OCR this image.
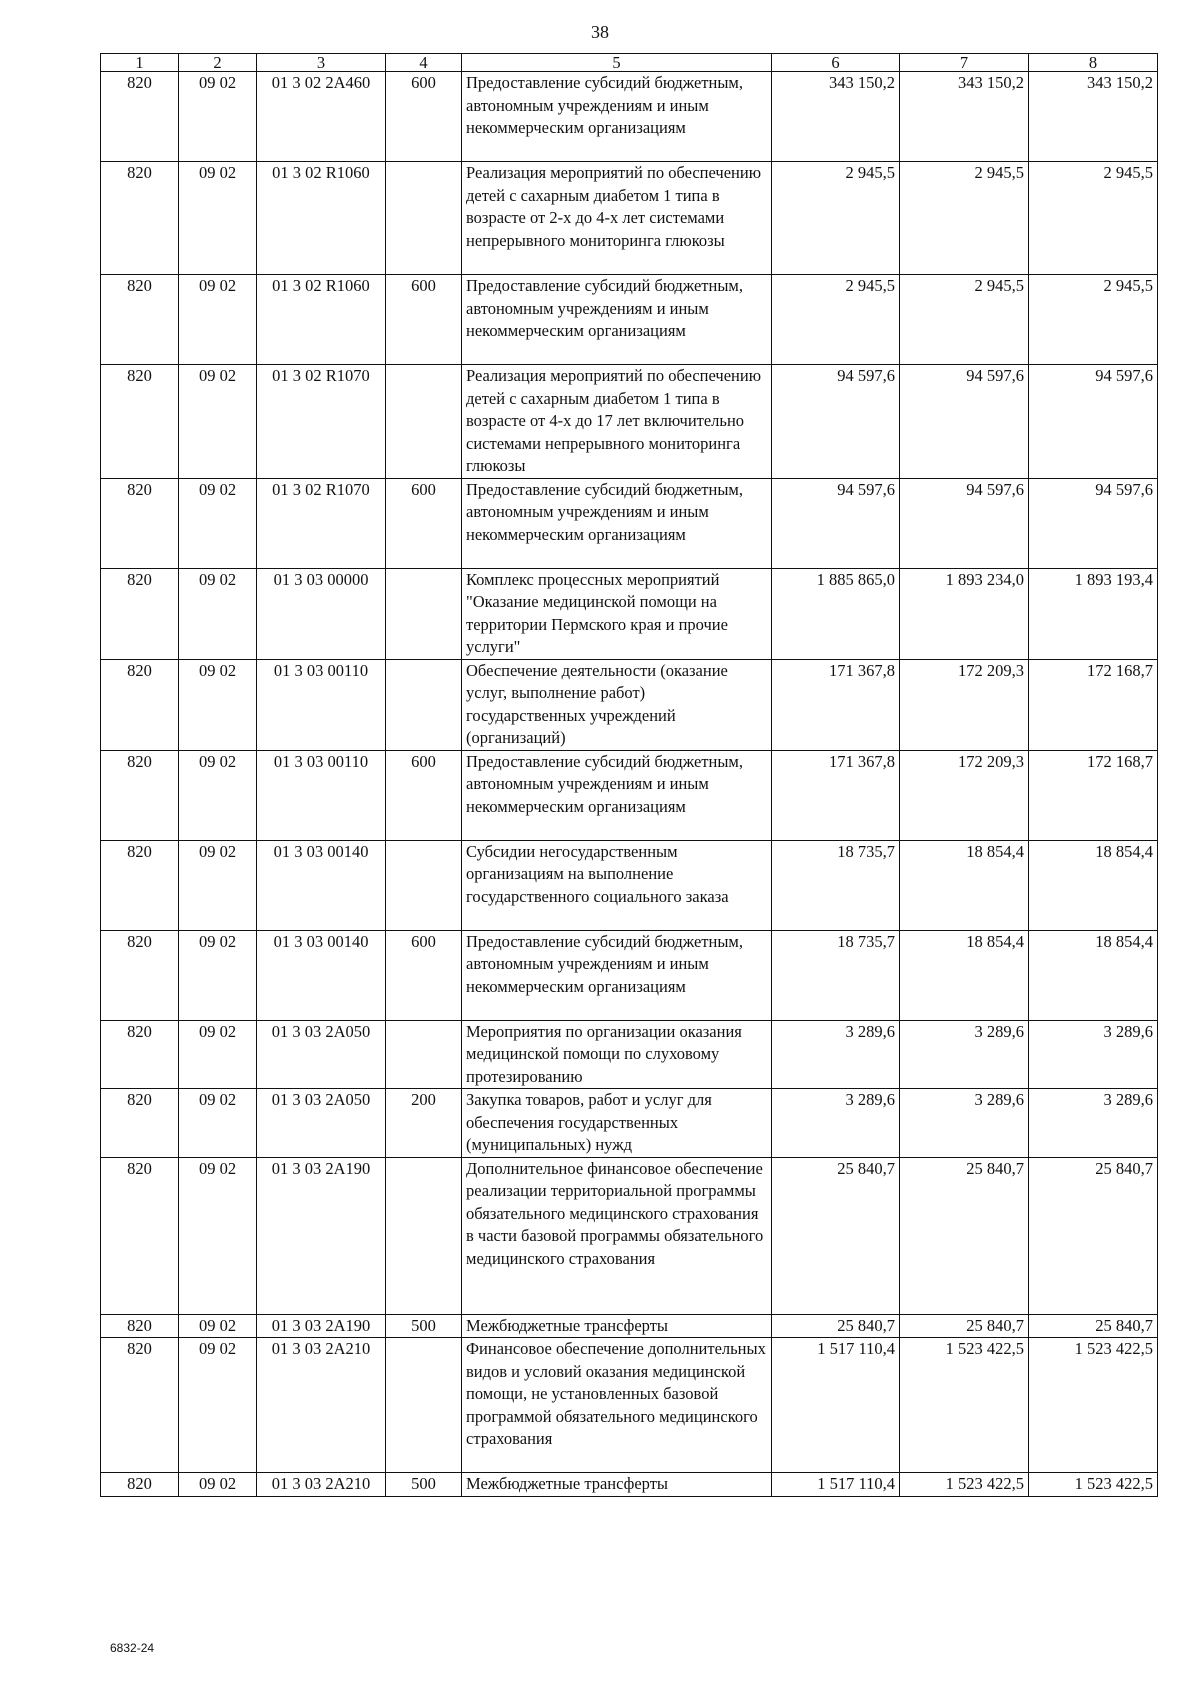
38
1	2	3	4	5	6	7	8
820	09 02	01 3 02 2A460	600	Предоставление субсидий бюджетным, автономным учреждениям и иным некоммерческим организациям	343 150,2	343 150,2	343 150,2
820	09 02	01 3 02 R1060		Реализация мероприятий по обеспечению детей с сахарным диабетом 1 типа в возрасте от 2-х до 4-х лет системами непрерывного мониторинга глюкозы	2 945,5	2 945,5	2 945,5
820	09 02	01 3 02 R1060	600	Предоставление субсидий бюджетным, автономным учреждениям и иным некоммерческим организациям	2 945,5	2 945,5	2 945,5
820	09 02	01 3 02 R1070		Реализация мероприятий по обеспечению детей с сахарным диабетом 1 типа в возрасте от 4-х до 17 лет включительно системами непрерывного мониторинга глюкозы	94 597,6	94 597,6	94 597,6
820	09 02	01 3 02 R1070	600	Предоставление субсидий бюджетным, автономным учреждениям и иным некоммерческим организациям	94 597,6	94 597,6	94 597,6
820	09 02	01 3 03 00000		Комплекс процессных мероприятий "Оказание медицинской помощи на территории Пермского края и прочие услуги"	1 885 865,0	1 893 234,0	1 893 193,4
820	09 02	01 3 03 00110		Обеспечение деятельности (оказание услуг, выполнение работ) государственных учреждений (организаций)	171 367,8	172 209,3	172 168,7
820	09 02	01 3 03 00110	600	Предоставление субсидий бюджетным, автономным учреждениям и иным некоммерческим организациям	171 367,8	172 209,3	172 168,7
820	09 02	01 3 03 00140		Субсидии негосударственным организациям на выполнение государственного социального заказа	18 735,7	18 854,4	18 854,4
820	09 02	01 3 03 00140	600	Предоставление субсидий бюджетным, автономным учреждениям и иным некоммерческим организациям	18 735,7	18 854,4	18 854,4
820	09 02	01 3 03 2A050		Мероприятия по организации оказания медицинской помощи по слуховому протезированию	3 289,6	3 289,6	3 289,6
820	09 02	01 3 03 2A050	200	Закупка товаров, работ и услуг для обеспечения государственных (муниципальных) нужд	3 289,6	3 289,6	3 289,6
820	09 02	01 3 03 2A190		Дополнительное финансовое обеспечение реализации территориальной программы обязательного медицинского страхования в части базовой программы обязательного медицинского страхования	25 840,7	25 840,7	25 840,7
820	09 02	01 3 03 2A190	500	Межбюджетные трансферты	25 840,7	25 840,7	25 840,7
820	09 02	01 3 03 2A210		Финансовое обеспечение дополнительных видов и условий оказания медицинской помощи, не установленных базовой программой обязательного медицинского страхования	1 517 110,4	1 523 422,5	1 523 422,5
820	09 02	01 3 03 2A210	500	Межбюджетные трансферты	1 517 110,4	1 523 422,5	1 523 422,5
6832-24
